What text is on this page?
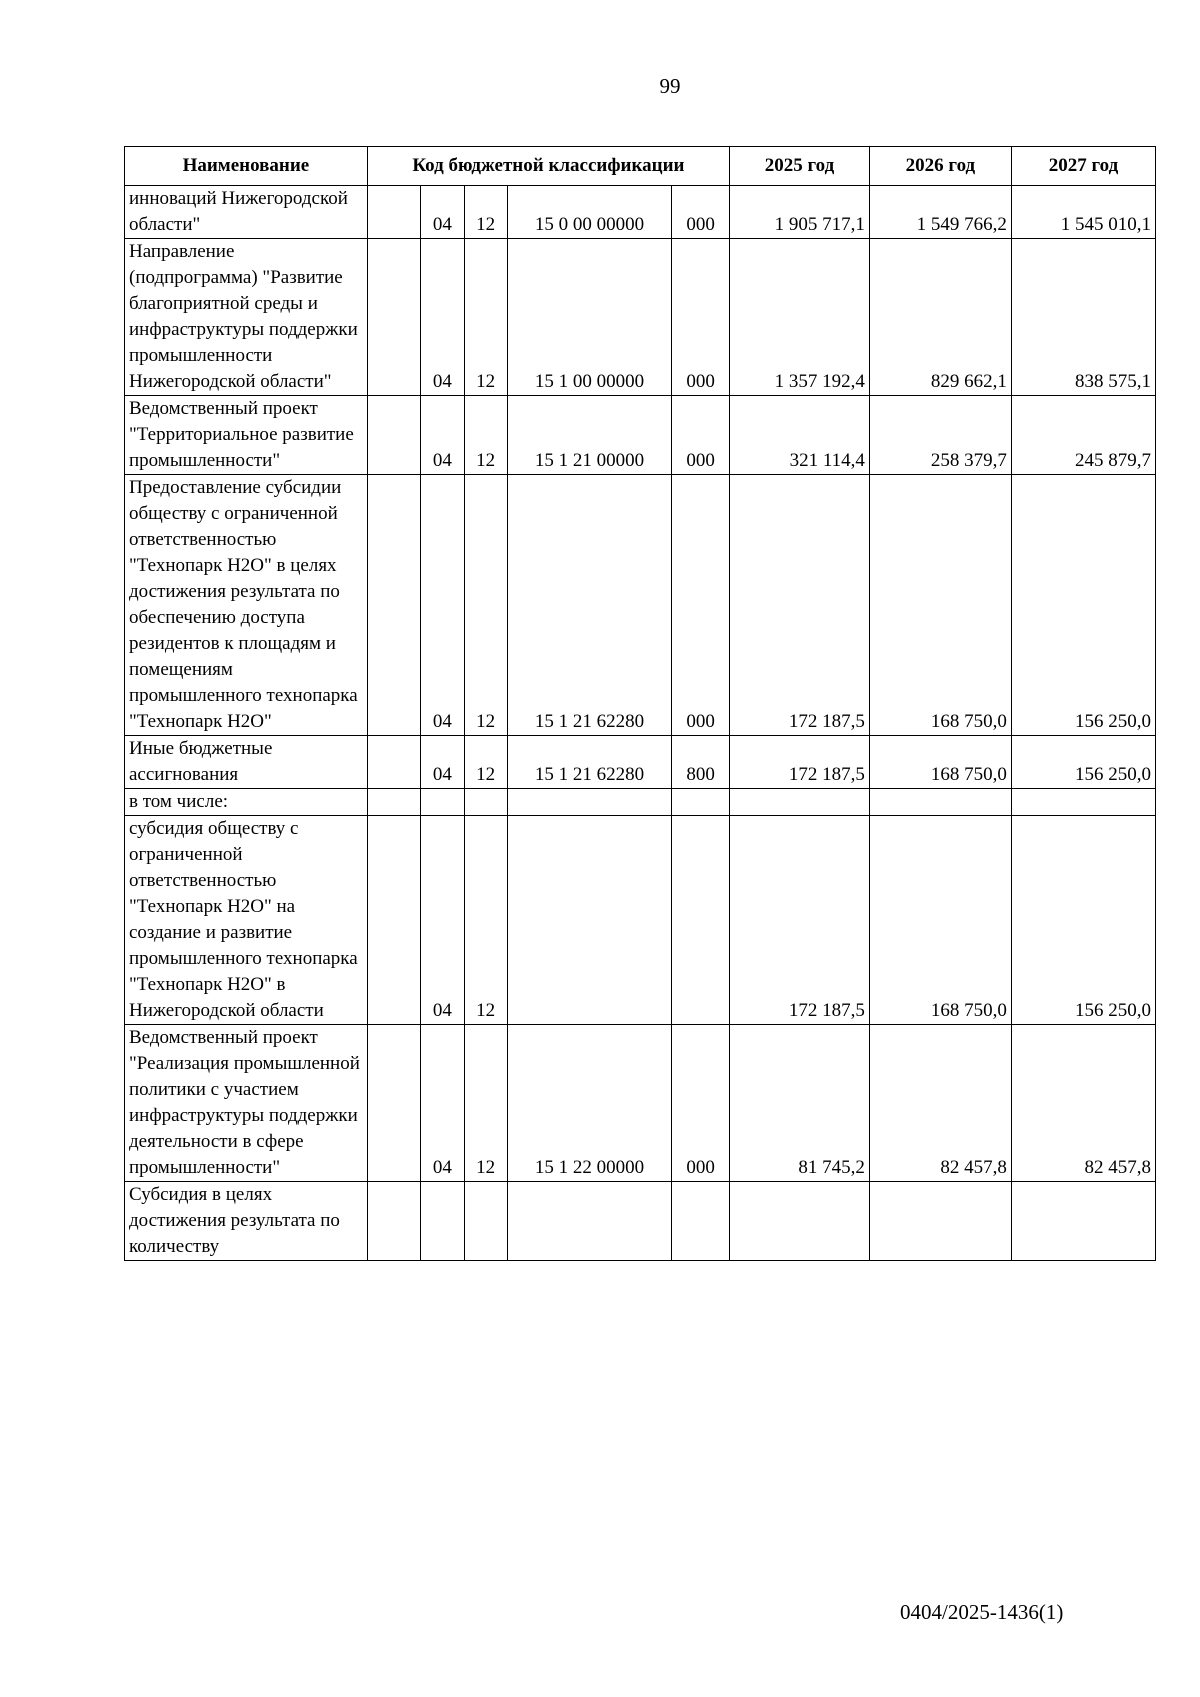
99
Наименование	Код бюджетной классификации					2025 год	2026 год	2027 год
инноваций Нижегородской области"		04	12	15 0 00 00000	000	1 905 717,1	1 549 766,2	1 545 010,1
Направление (подпрограмма) "Развитие благоприятной среды и инфраструктуры поддержки промышленности Нижегородской области"		04	12	15 1 00 00000	000	1 357 192,4	829 662,1	838 575,1
Ведомственный проект "Территориальное развитие промышленности"		04	12	15 1 21 00000	000	321 114,4	258 379,7	245 879,7
Предоставление субсидии обществу с ограниченной ответственностью "Технопарк Н2О" в целях достижения результата по обеспечению доступа резидентов к площадям и помещениям промышленного технопарка "Технопарк Н2О"		04	12	15 1 21 62280	000	172 187,5	168 750,0	156 250,0
Иные бюджетные ассигнования		04	12	15 1 21 62280	800	172 187,5	168 750,0	156 250,0
в том числе:								
субсидия обществу с ограниченной ответственностью "Технопарк Н2О" на создание и развитие промышленного технопарка "Технопарк Н2О" в Нижегородской области		04	12			172 187,5	168 750,0	156 250,0
Ведомственный проект "Реализация промышленной политики с участием инфраструктуры поддержки деятельности в сфере промышленности"		04	12	15 1 22 00000	000	81 745,2	82 457,8	82 457,8
Субсидия в целях достижения результата по количеству								
0404/2025-1436(1)
